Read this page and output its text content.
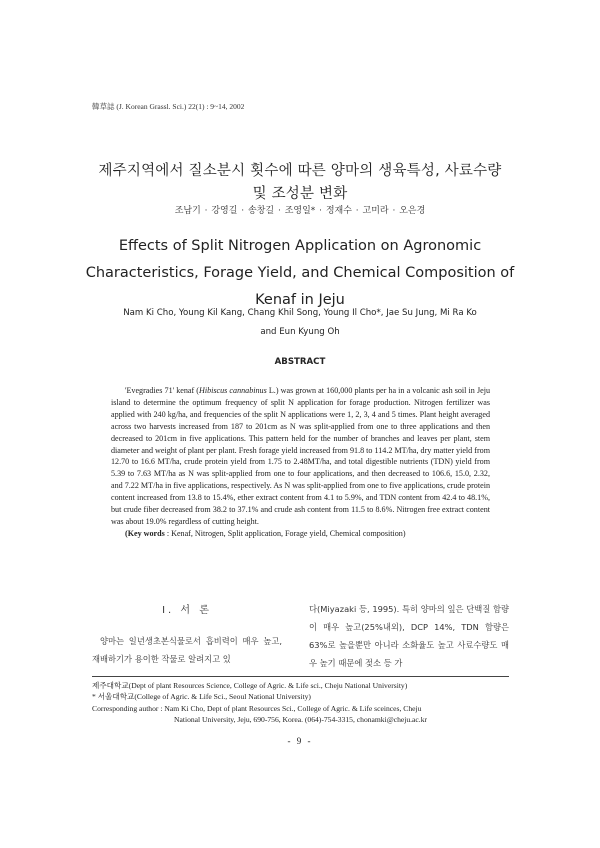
韓草誌 (J. Korean Grassl. Sci.) 22(1) : 9~14, 2002
제주지역에서 질소분시 횟수에 따른 양마의 생육특성, 사료수량
및 조성분 변화
조남기 · 강영길 · 송창길 · 조영일* · 정재수 · 고미라 · 오은경
Effects of Split Nitrogen Application on Agronomic
Characteristics, Forage Yield, and Chemical Composition of
Kenaf in Jeju
Nam Ki Cho, Young Kil Kang, Chang Khil Song, Young Il Cho*, Jae Su Jung, Mi Ra Ko
and Eun Kyung Oh
ABSTRACT

'Evegradies 71' kenaf (Hibiscus cannabinus L.) was grown at 160,000 plants per ha in a volcanic ash soil in Jeju island to determine the optimum frequency of split N application for forage production. Nitrogen fertilizer was applied with 240 kg/ha, and frequencies of the split N applications were 1, 2, 3, 4 and 5 times. Plant height averaged across two harvests increased from 187 to 201cm as N was split-applied from one to three applications and then decreased to 201cm in five applications. This pattern held for the number of branches and leaves per plant, stem diameter and weight of plant per plant. Fresh forage yield increased from 91.8 to 114.2 MT/ha, dry matter yield from 12.70 to 16.6 MT/ha, crude protein yield from 1.75 to 2.48MT/ha, and total digestible nutrients (TDN) yield from 5.39 to 7.63 MT/ha as N was split-applied from one to four applications, and then decreased to 106.6, 15.0, 2.32, and 7.22 MT/ha in five applications, respectively. As N was split-applied from one to five applications, crude protein content increased from 13.8 to 15.4%, ether extract content from 4.1 to 5.9%, and TDN content from 42.4 to 48.1%, but crude fiber decreased from 38.2 to 37.1% and crude ash content from 11.5 to 8.6%. Nitrogen free extract content was about 19.0% regardless of cutting height.

(Key words : Kenaf, Nitrogen, Split application, Forage yield, Chemical composition)

Ⅰ. 서 론

양마는 일년생초본식물로서 흡비력이 매우 높고, 재배하기가 용이한 작물로 알려지고 있

다(Miyazaki 등, 1995). 특히 양마의 잎은 단백질 함량이 매우 높고(25%내외), DCP 14%, TDN 함량은 63%로 높을뿐만 아니라 소화율도 높고 사료수량도 매우 높기 때문에 젖소 등 가

제주대학교(Dept of plant Resources Science, College of Agric. & Life sci., Cheju National University)
* 서울대학교(College of Agric. & Life Sci., Seoul National University)
Corresponding author : Nam Ki Cho, Dept of plant Resources Sci., College of Agric. & Life sceinces, Cheju
National University, Jeju, 690-756, Korea. (064)-754-3315, chonamki@cheju.ac.kr
- 9 -
